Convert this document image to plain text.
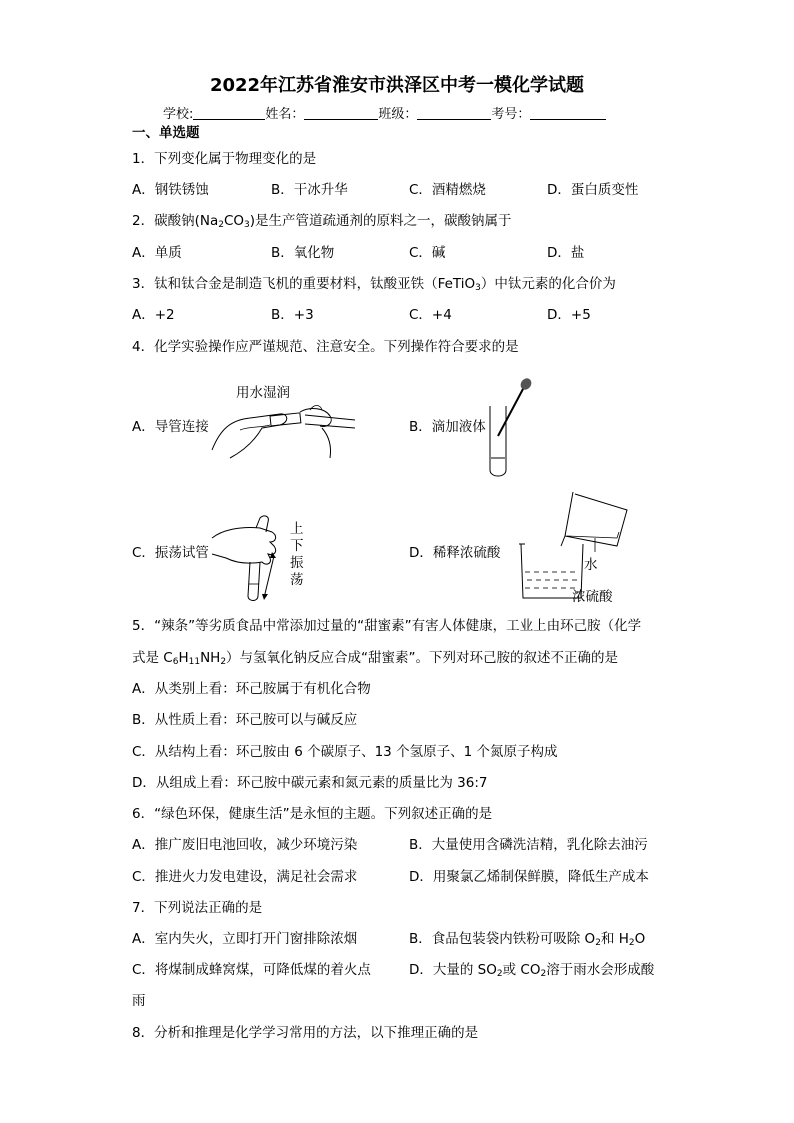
2022年江苏省淮安市洪泽区中考一模化学试题
学校:	姓名：	班级：	考号：
一、单选题
1．下列变化属于物理变化的是
A．钢铁锈蚀	B．干冰升华	C．酒精燃烧	D．蛋白质变性
2．碳酸钠$(Na_2CO_3)$是生产管道疏通剂的原料之一，碳酸钠属于
A．单质	B．氧化物	C．碱	D．盐
3．钛和钛合金是制造飞机的重要材料，钛酸亚铁（FeTiO$_3$）中钛元素的化合价为
A．+2	B．+3	C．+4	D．+5
4．化学实验操作应严谨规范、注意安全。下列操作符合要求的是
A．导管连接
用水湿润
B．滴加液体
C．振荡试管
上
下
振
荡
D．稀释浓硫酸
水
浓硫酸
5．“辣条”等劣质食品中常添加过量的“甜蜜素”有害人体健康，工业上由环己胺（化学
式是 $C_6H_{11}NH_2$）与氢氧化钠反应合成“甜蜜素”。下列对环己胺的叙述不正确的是
A．从类别上看：环己胺属于有机化合物
B．从性质上看：环己胺可以与碱反应
C．从结构上看：环己胺由 6 个碳原子、13 个氢原子、1 个氮原子构成
D．从组成上看：环己胺中碳元素和氮元素的质量比为 36:7
6．“绿色环保，健康生活”是永恒的主题。下列叙述正确的是
A．推广废旧电池回收，减少环境污染	B．大量使用含磷洗洁精，乳化除去油污
C．推进火力发电建设，满足社会需求	D．用聚氯乙烯制保鲜膜，降低生产成本
7．下列说法正确的是
A．室内失火，立即打开门窗排除浓烟	B．食品包装袋内铁粉可吸除 $O_2$和 $H_2O$
C．将煤制成蜂窝煤，可降低煤的着火点	D．大量的 $SO_2$或 $CO_2$溶于雨水会形成酸
雨
8．分析和推理是化学学习常用的方法，以下推理正确的是
